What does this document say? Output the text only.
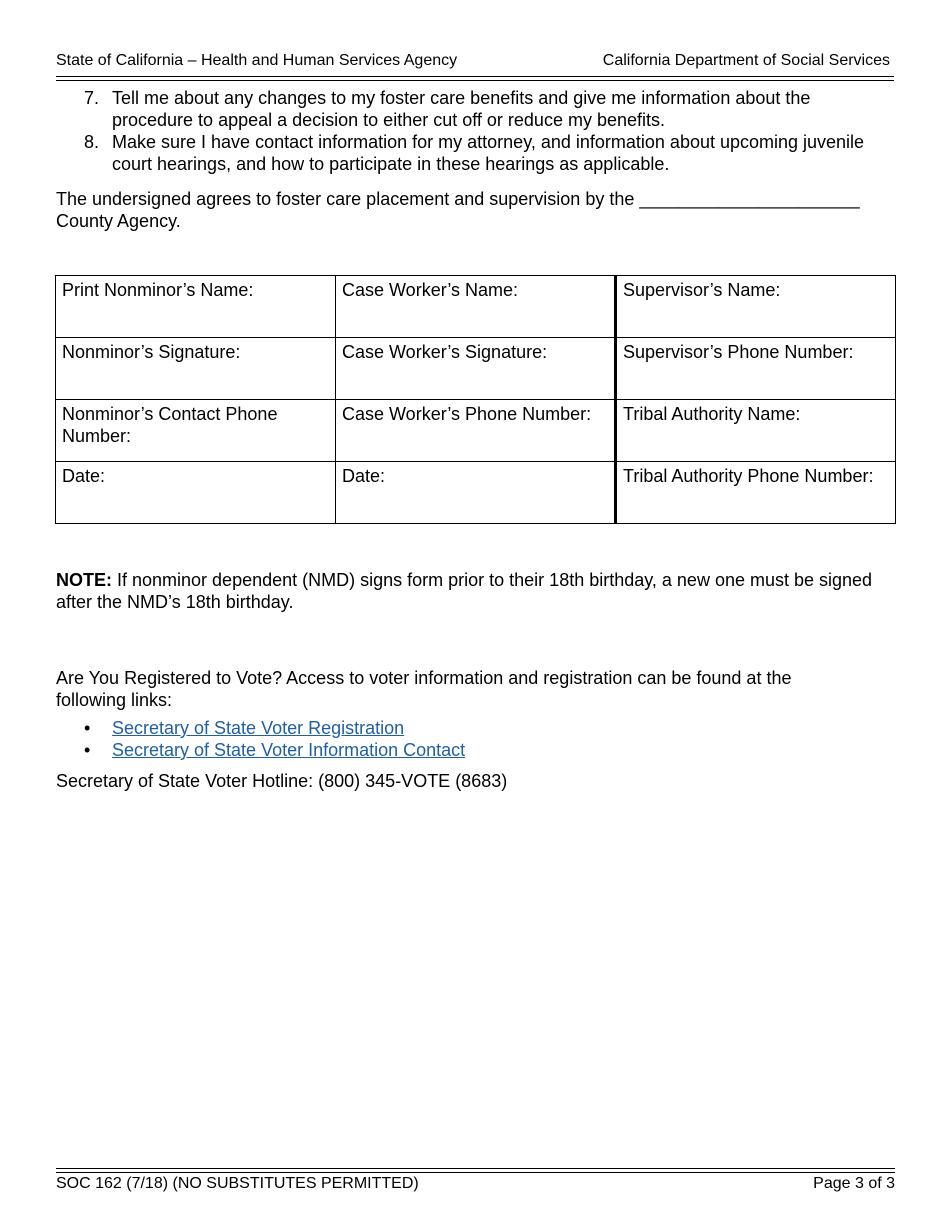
State of California – Health and Human Services Agency	California Department of Social Services
7. Tell me about any changes to my foster care benefits and give me information about the procedure to appeal a decision to either cut off or reduce my benefits.
8. Make sure I have contact information for my attorney, and information about upcoming juvenile court hearings, and how to participate in these hearings as applicable.
The undersigned agrees to foster care placement and supervision by the ______________________
County Agency.
Print Nonminor’s Name:	Case Worker’s Name:	Supervisor’s Name:
Nonminor’s Signature:	Case Worker’s Signature:	Supervisor’s Phone Number:
Nonminor’s Contact Phone Number:	Case Worker’s Phone Number:	Tribal Authority Name:
Date:	Date:	Tribal Authority Phone Number:
NOTE: If nonminor dependent (NMD) signs form prior to their 18th birthday, a new one must be signed after the NMD’s 18th birthday.
Are You Registered to Vote? Access to voter information and registration can be found at the following links:
• Secretary of State Voter Registration
• Secretary of State Voter Information Contact
Secretary of State Voter Hotline: (800) 345-VOTE (8683)
SOC 162 (7/18) (NO SUBSTITUTES PERMITTED)	Page 3 of 3
